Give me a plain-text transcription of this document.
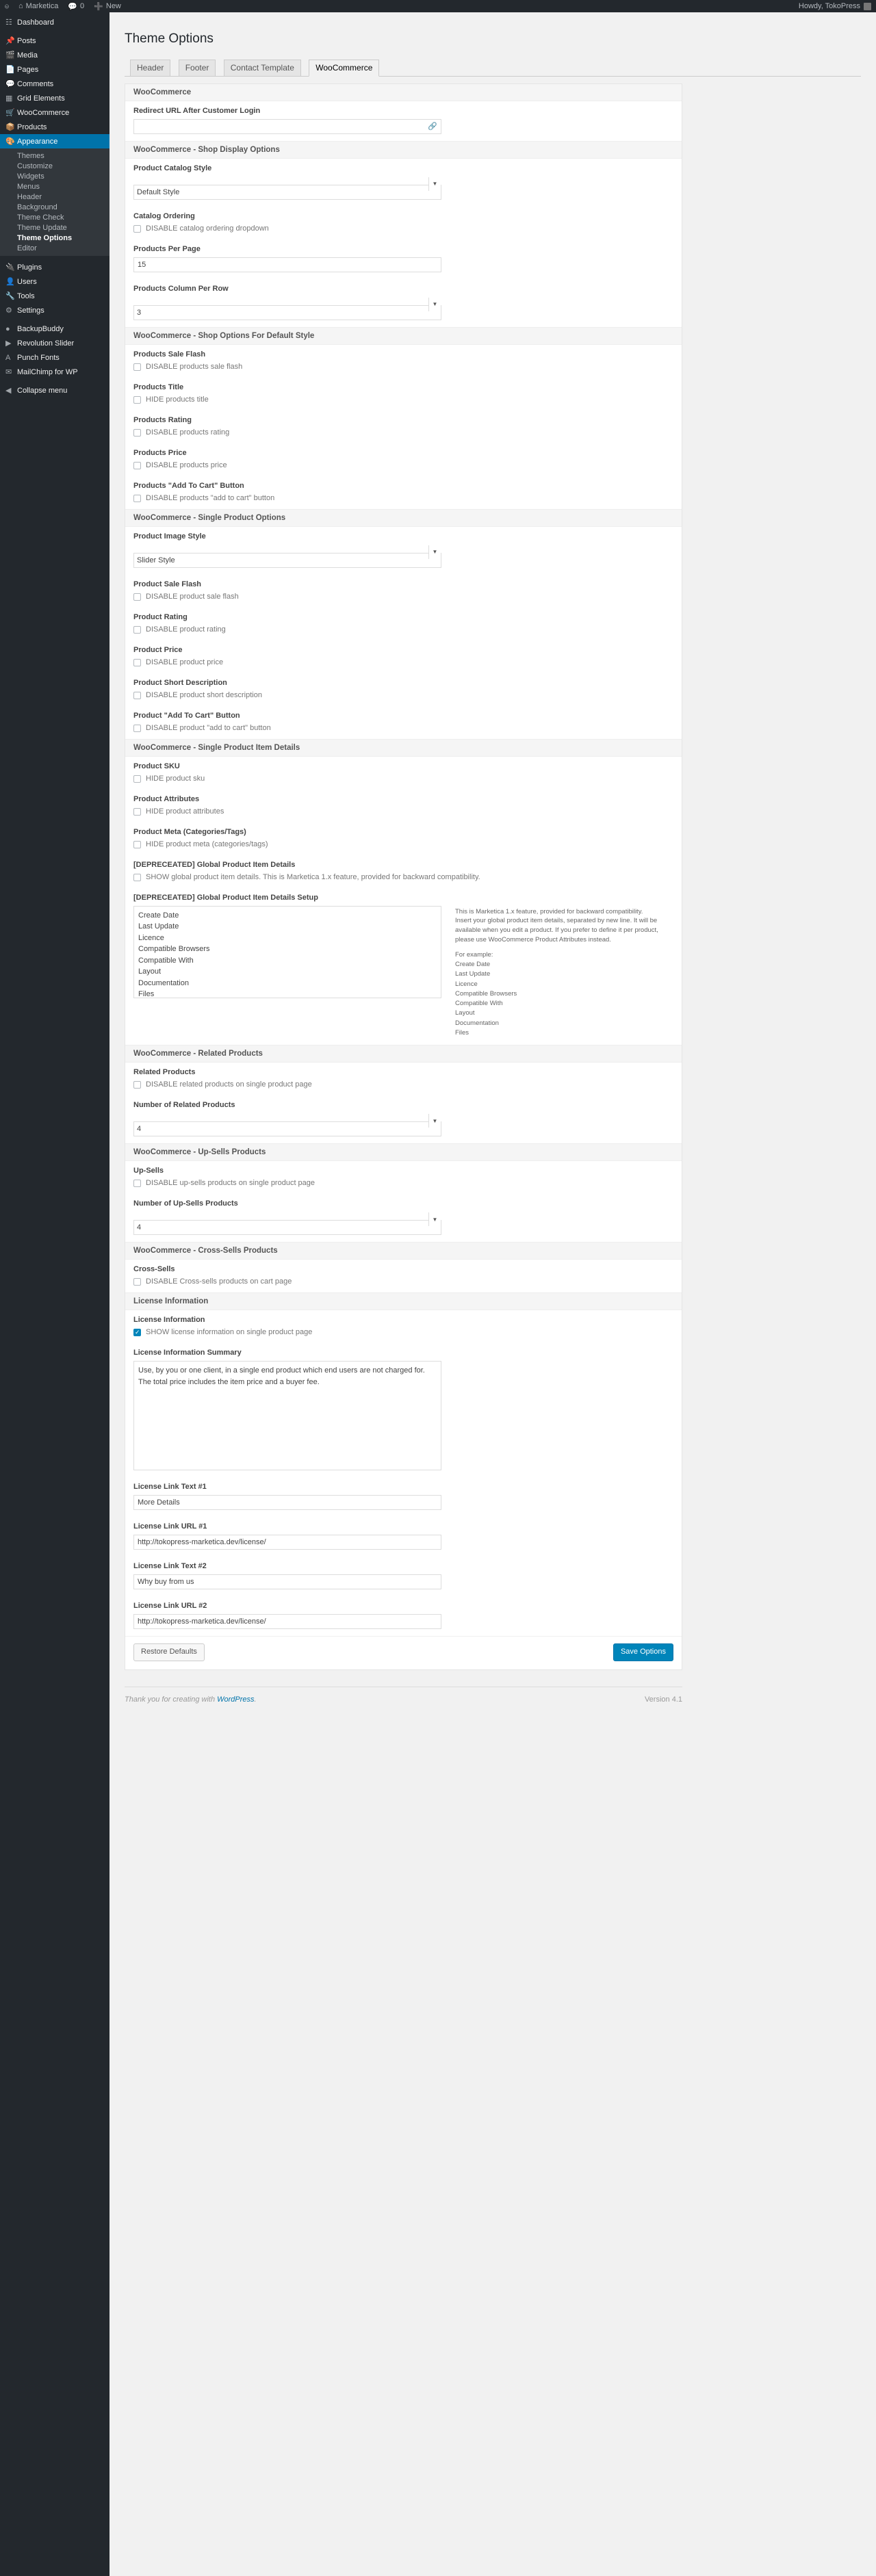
⌂ Marketica 💬 0 ➕ New	Howdy, TokoPress
☷ Dashboard
📌 Posts
🎬 Media
📄 Pages
💬 Comments
▦ Grid Elements
🛒 WooCommerce
📦 Products
🎨 Appearance
Themes
Customize
Widgets
Menus
Header
Background
Theme Check
Theme Update
Theme Options
Editor
🔌 Plugins
👤 Users
🔧 Tools
⚙ Settings
● BackupBuddy
▶ Revolution Slider
A Punch Fonts
✉ MailChimp for WP
◀ Collapse menu
Theme Options
Header	Footer	Contact Template	WooCommerce
WooCommerce
Redirect URL After Customer Login
🔗
WooCommerce - Shop Display Options
Product Catalog Style
Default Style
▼
Catalog Ordering
DISABLE catalog ordering dropdown
Products Per Page
15
Products Column Per Row
3
▼
WooCommerce - Shop Options For Default Style
Products Sale Flash
DISABLE products sale flash
Products Title
HIDE products title
Products Rating
DISABLE products rating
Products Price
DISABLE products price
Products "Add To Cart" Button
DISABLE products "add to cart" button
WooCommerce - Single Product Options
Product Image Style
Slider Style
▼
Product Sale Flash
DISABLE product sale flash
Product Rating
DISABLE product rating
Product Price
DISABLE product price
Product Short Description
DISABLE product short description
Product "Add To Cart" Button
DISABLE product "add to cart" button
WooCommerce - Single Product Item Details
Product SKU
HIDE product sku
Product Attributes
HIDE product attributes
Product Meta (Categories/Tags)
HIDE product meta (categories/tags)
[DEPRECEATED] Global Product Item Details
SHOW global product item details. This is Marketica 1.x feature, provided for backward compatibility.
[DEPRECEATED] Global Product Item Details Setup
Create Date Last Update Licence Compatible Browsers Compatible With Layout Documentation Files
This is Marketica 1.x feature, provided for backward compatibility. Insert your global product item details, separated by new line. It will be available when you edit a product. If you prefer to define it per product, please use WooCommerce Product Attributes instead.
For example:
Create Date
Last Update
Licence
Compatible Browsers
Compatible With
Layout
Documentation
Files
WooCommerce - Related Products
Related Products
DISABLE related products on single product page
Number of Related Products
4
▼
WooCommerce - Up-Sells Products
Up-Sells
DISABLE up-sells products on single product page
Number of Up-Sells Products
4
▼
WooCommerce - Cross-Sells Products
Cross-Sells
DISABLE Cross-sells products on cart page
License Information
License Information
✓
SHOW license information on single product page
License Information Summary
Use, by you or one client, in a single end product which end users are not charged for. The total price includes the item price and a buyer fee.
License Link Text #1
More Details
License Link URL #1
http://tokopress-marketica.dev/license/
License Link Text #2
Why buy from us
License Link URL #2
http://tokopress-marketica.dev/license/
Restore Defaults	Save Options
Thank you for creating with WordPress.	Version 4.1
